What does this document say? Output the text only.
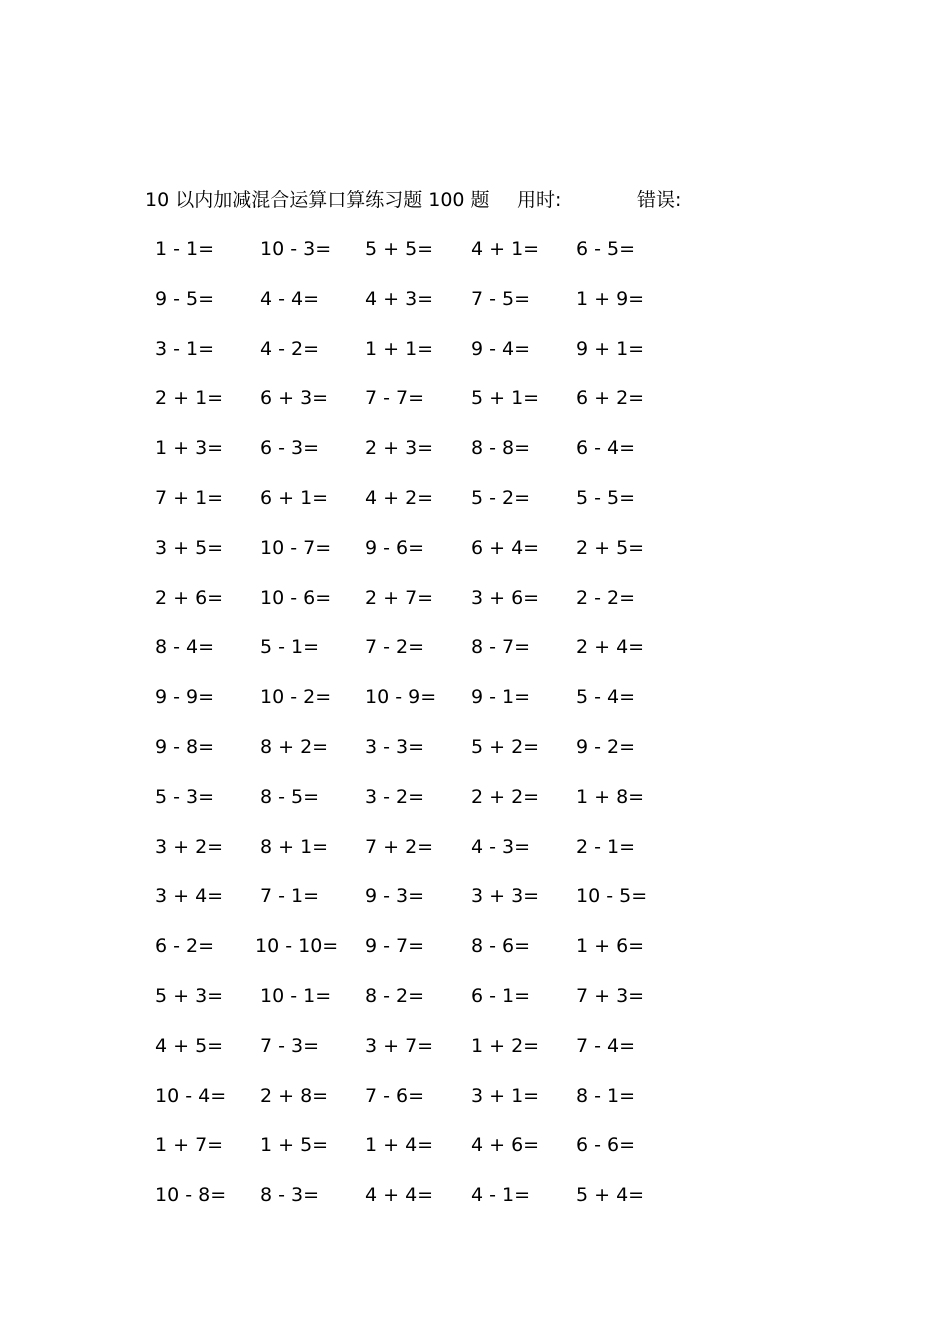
10 以内加减混合运算口算练习题 100 题 用时:	错误:
1 - 1= 10 - 3= 5 + 5= 4 + 1= 6 - 5=
9 - 5= 4 - 4= 4 + 3= 7 - 5= 1 + 9=
3 - 1= 4 - 2= 1 + 1= 9 - 4= 9 + 1=
2 + 1= 6 + 3= 7 - 7= 5 + 1= 6 + 2=
1 + 3= 6 - 3= 2 + 3= 8 - 8= 6 - 4=
7 + 1= 6 + 1= 4 + 2= 5 - 2= 5 - 5=
3 + 5= 10 - 7= 9 - 6= 6 + 4= 2 + 5=
2 + 6= 10 - 6= 2 + 7= 3 + 6= 2 - 2=
8 - 4= 5 - 1= 7 - 2= 8 - 7= 2 + 4=
9 - 9= 10 - 2= 10 - 9= 9 - 1= 5 - 4=
9 - 8= 8 + 2= 3 - 3= 5 + 2= 9 - 2=
5 - 3= 8 - 5= 3 - 2= 2 + 2= 1 + 8=
3 + 2= 8 + 1= 7 + 2= 4 - 3= 2 - 1=
3 + 4= 7 - 1= 9 - 3= 3 + 3= 10 - 5=
6 - 2= 10 - 10= 9 - 7= 8 - 6= 1 + 6=
5 + 3= 10 - 1= 8 - 2= 6 - 1= 7 + 3=
4 + 5= 7 - 3= 3 + 7= 1 + 2= 7 - 4=
10 - 4= 2 + 8= 7 - 6= 3 + 1= 8 - 1=
1 + 7= 1 + 5= 1 + 4= 4 + 6= 6 - 6=
10 - 8= 8 - 3= 4 + 4= 4 - 1= 5 + 4=
